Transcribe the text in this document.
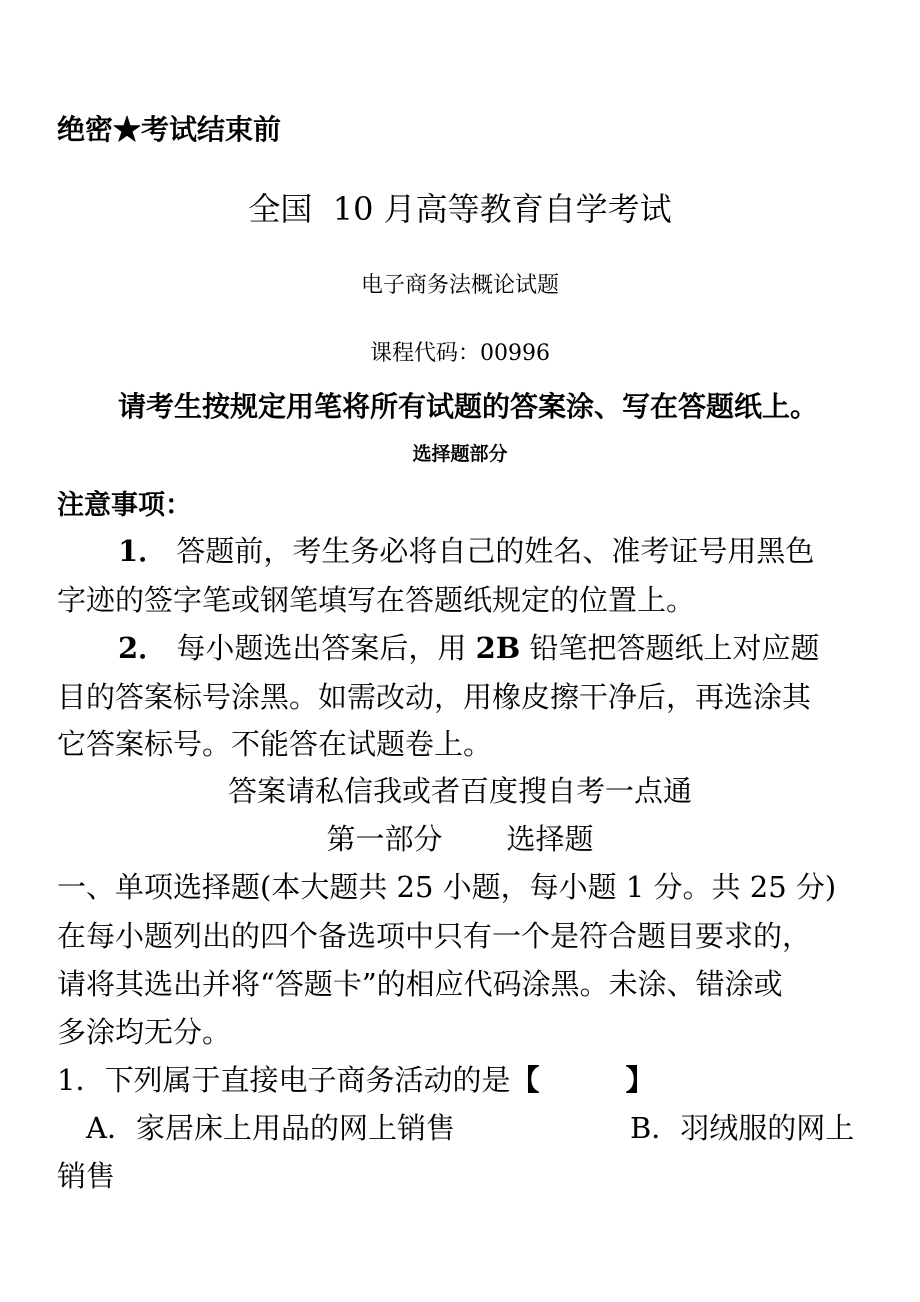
绝密★考试结束前
全国  10 月高等教育自学考试
电子商务法概论试题
课程代码：00996
请考生按规定用笔将所有试题的答案涂、写在答题纸上。
选择题部分
注意事项：
1． 答题前，考生务必将自己的姓名、准考证号用黑色
字迹的签字笔或钢笔填写在答题纸规定的位置上。
2． 每小题选出答案后，用 2B 铅笔把答题纸上对应题
目的答案标号涂黑。如需改动，用橡皮擦干净后，再选涂其
它答案标号。不能答在试题卷上。
答案请私信我或者百度搜自考一点通
第一部分 选择题
一、单项选择题(本大题共 25 小题，每小题 1 分。共 25 分)
在每小题列出的四个备选项中只有一个是符合题目要求的，
请将其选出并将“答题卡”的相应代码涂黑。未涂、错涂或
多涂均无分。
1．下列属于直接电子商务活动的是【	】
A．家居床上用品的网上销售	B．羽绒服的网上
销售
